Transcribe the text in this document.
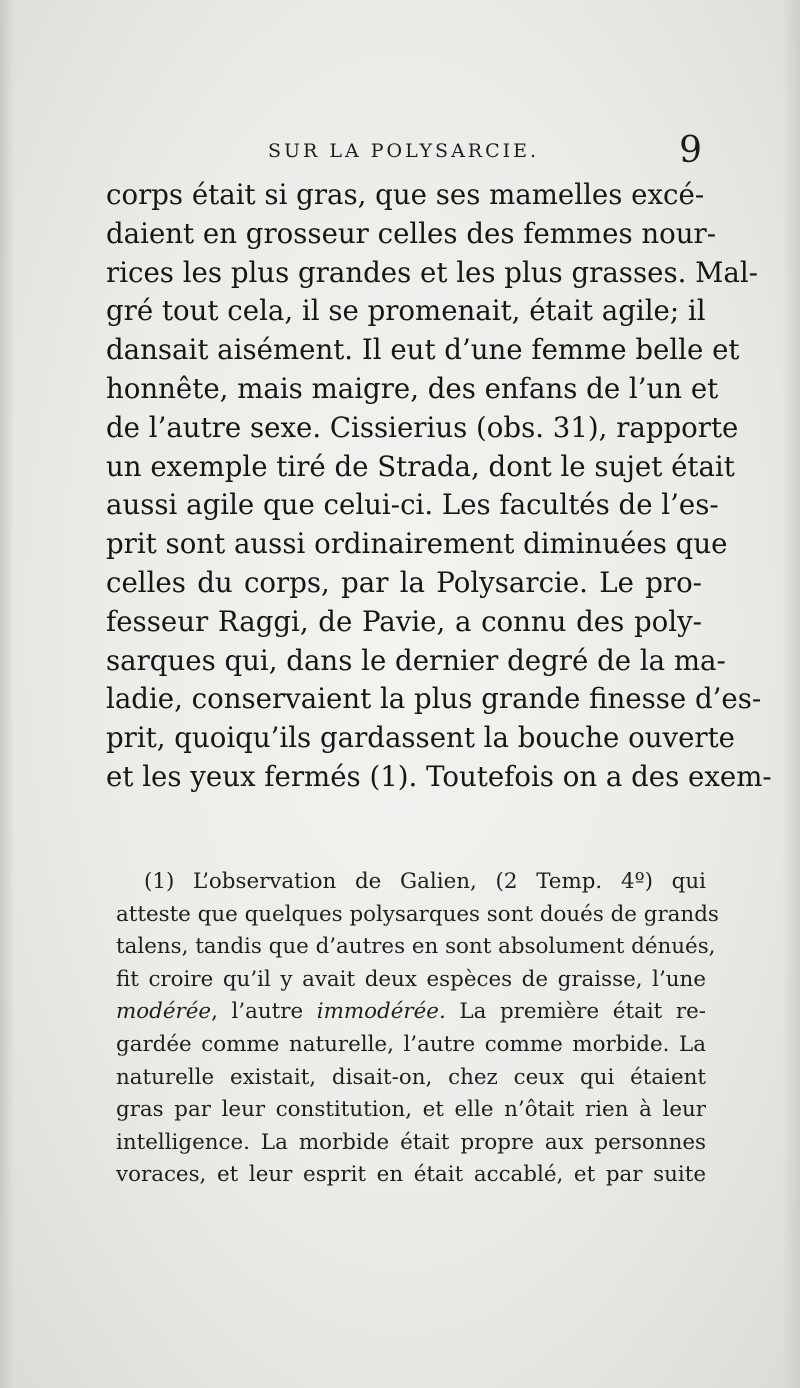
SUR LA POLYSARCIE.	9
corps était si gras, que ses mamelles excé-
daient en grosseur celles des femmes nour-
rices les plus grandes et les plus grasses. Mal-
gré tout cela, il se promenait, était agile; il
dansait aisément. Il eut d’une femme belle et
honnête, mais maigre, des enfans de l’un et
de l’autre sexe. Cissierius (obs. 31), rapporte
un exemple tiré de Strada, dont le sujet était
aussi agile que celui-ci. Les facultés de l’es-
prit sont aussi ordinairement diminuées que
celles du corps, par la Polysarcie. Le pro-
fesseur Raggi, de Pavie, a connu des poly-
sarques qui, dans le dernier degré de la ma-
ladie, conservaient la plus grande finesse d’es-
prit, quoiqu’ils gardassent la bouche ouverte
et les yeux fermés (1). Toutefois on a des exem-
(1) L’observation de Galien, (2 Temp. 4º) qui
atteste que quelques polysarques sont doués de grands
talens, tandis que d’autres en sont absolument dénués,
fit croire qu’il y avait deux espèces de graisse, l’une
modérée, l’autre immodérée. La première était re-
gardée comme naturelle, l’autre comme morbide. La
naturelle existait, disait-on, chez ceux qui étaient
gras par leur constitution, et elle n’ôtait rien à leur
intelligence. La morbide était propre aux personnes
voraces, et leur esprit en était accablé, et par suite
